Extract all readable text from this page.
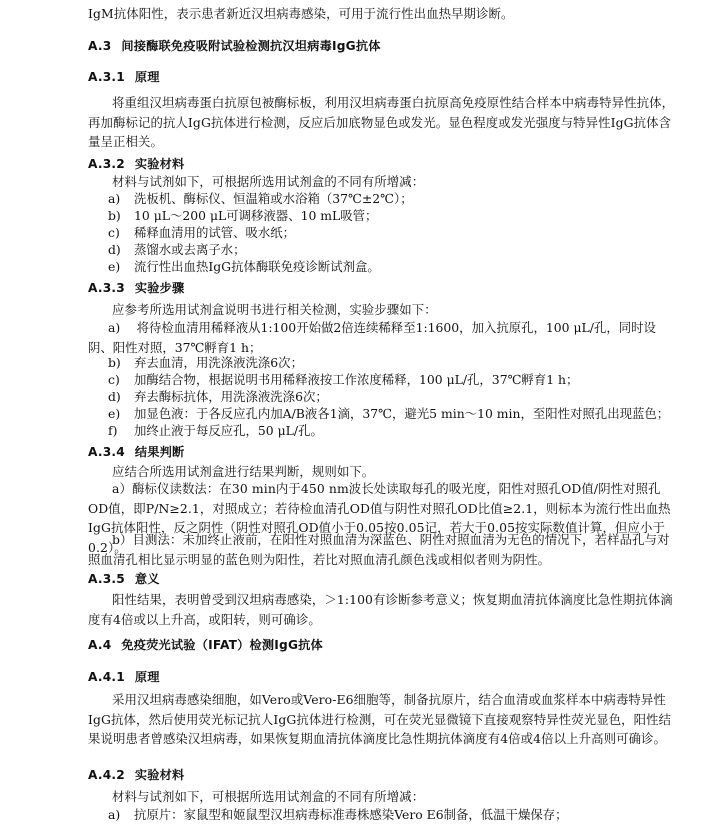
IgM抗体阳性，表示患者新近汉坦病毒感染，可用于流行性出血热早期诊断。

A.3 间接酶联免疫吸附试验检测抗汉坦病毒IgG抗体

A.3.1 原理

将重组汉坦病毒蛋白抗原包被酶标板，利用汉坦病毒蛋白抗原高免疫原性结合样本中病毒特异性抗体，再加酶标记的抗人IgG抗体进行检测，反应后加底物显色或发光。显色程度或发光强度与特异性IgG抗体含量呈正相关。

A.3.2 实验材料

材料与试剂如下，可根据所选用试剂盒的不同有所增减：

a) 洗板机、酶标仪、恒温箱或水浴箱（37℃±2℃）；

b) 10 μL～200 μL可调移液器、10 mL吸管；

c) 稀释血清用的试管、吸水纸；

d) 蒸馏水或去离子水；

e) 流行性出血热IgG抗体酶联免疫诊断试剂盒。

A.3.3 实验步骤

应参考所选用试剂盒说明书进行相关检测，实验步骤如下：

a)　 将待检血清用稀释液从1:100开始做2倍连续稀释至1:1600，加入抗原孔，100 μL/孔，同时设阴、阳性对照，37℃孵育1 h；

b) 弃去血清，用洗涤液洗涤6次；

c) 加酶结合物，根据说明书用稀释液按工作浓度稀释，100 μL/孔，37℃孵育1 h；

d) 弃去酶标抗体，用洗涤液洗涤6次；

e) 加显色液：于各反应孔内加A/B液各1滴，37℃，避光5 min～10 min，至阳性对照孔出现蓝色；

f) 加终止液于每反应孔，50 μL/孔。

A.3.4 结果判断

应结合所选用试剂盒进行结果判断，规则如下。

a）酶标仪读数法：在30 min内于450 nm波长处读取每孔的吸光度，阳性对照孔OD值/阴性对照孔OD值，即P/N≥2.1，对照成立；若待检血清孔OD值与阴性对照孔OD比值≥2.1，则标本为流行性出血热IgG抗体阳性，反之阴性（阴性对照孔OD值小于0.05按0.05记，若大于0.05按实际数值计算，但应小于0.2）。

b）目测法：未加终止液前，在阳性对照血清为深蓝色、阴性对照血清为无色的情况下，若样品孔与对照血清孔相比显示明显的蓝色则为阳性，若比对照血清孔颜色浅或相似者则为阴性。

A.3.5 意义

阳性结果，表明曾受到汉坦病毒感染，＞1:100有诊断参考意义；恢复期血清抗体滴度比急性期抗体滴度有4倍或以上升高，或阳转，则可确诊。

A.4 免疫荧光试验（IFAT）检测IgG抗体

A.4.1 原理

采用汉坦病毒感染细胞，如Vero或Vero-E6细胞等，制备抗原片，结合血清或血浆样本中病毒特异性IgG抗体，然后使用荧光标记抗人IgG抗体进行检测，可在荧光显微镜下直接观察特异性荧光显色，阳性结果说明患者曾感染汉坦病毒，如果恢复期血清抗体滴度比急性期抗体滴度有4倍或4倍以上升高则可确诊。

A.4.2 实验材料

材料与试剂如下，可根据所选用试剂盒的不同有所增减：

a) 抗原片：家鼠型和姬鼠型汉坦病毒标准毒株感染Vero E6制备，低温干燥保存；
